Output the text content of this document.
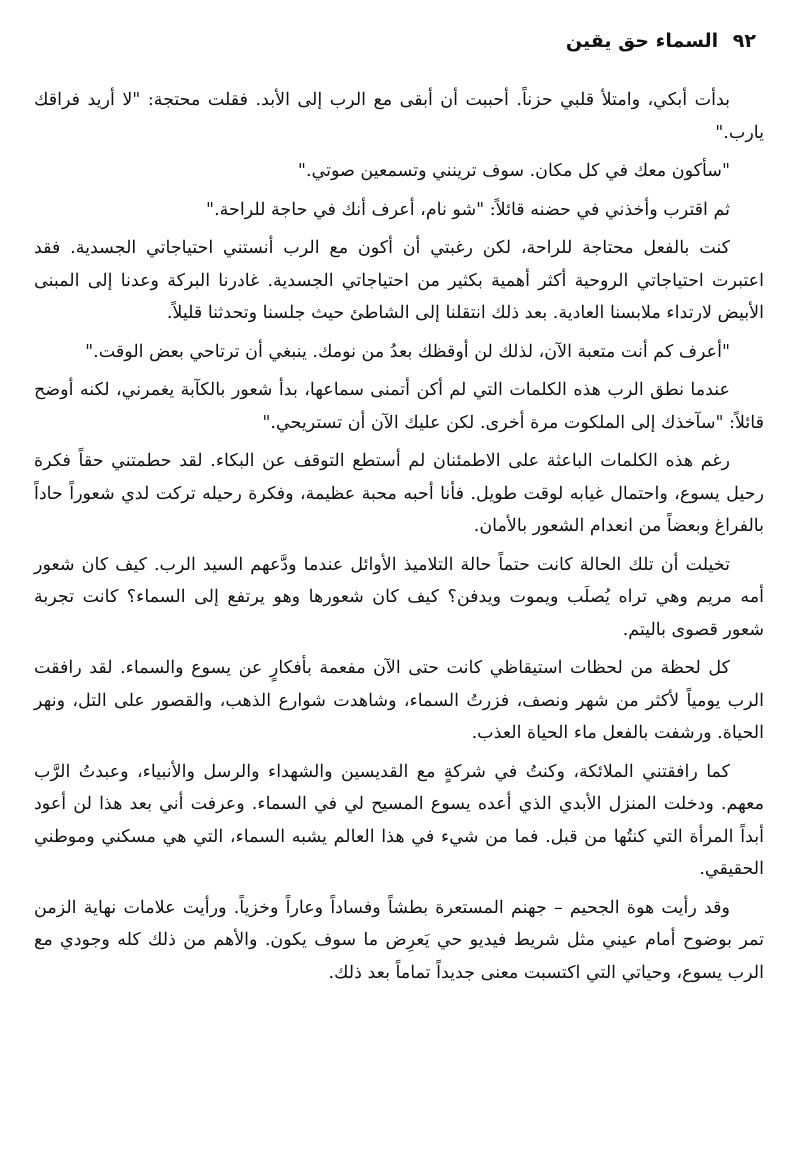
٩٢ السماء حق يقين

بدأت أبكي، وامتلأ قلبي حزناً. أحببت أن أبقى مع الرب إلى الأبد. فقلت محتجة: "لا أريد فراقك يارب."

"سأكون معك في كل مكان. سوف ترينني وتسمعين صوتي."

ثم اقترب وأخذني في حضنه قائلاً: "شو نام، أعرف أنك في حاجة للراحة."

كنت بالفعل محتاجة للراحة، لكن رغبتي أن أكون مع الرب أنستني احتياجاتي الجسدية. فقد اعتبرت احتياجاتي الروحية أكثر أهمية بكثير من احتياجاتي الجسدية. غادرنا البركة وعدنا إلى المبنى الأبيض لارتداء ملابسنا العادية. بعد ذلك انتقلنا إلى الشاطئ حيث جلسنا وتحدثنا قليلاً.

"أعرف كم أنت متعبة الآن، لذلك لن أوقظك بعدُ من نومك. ينبغي أن ترتاحي بعض الوقت."

عندما نطق الرب هذه الكلمات التي لم أكن أتمنى سماعها، بدأ شعور بالكآبة يغمرني، لكنه أوضح قائلاً: "سآخذك إلى الملكوت مرة أخرى. لكن عليك الآن أن تستريحي."

رغم هذه الكلمات الباعثة على الاطمئنان لم أستطع التوقف عن البكاء. لقد حطمتني حقاً فكرة رحيل يسوع، واحتمال غيابه لوقت طويل. فأنا أحبه محبة عظيمة، وفكرة رحيله تركت لدي شعوراً حاداً بالفراغ وبعضاً من انعدام الشعور بالأمان.

تخيلت أن تلك الحالة كانت حتماً حالة التلاميذ الأوائل عندما ودَّعهم السيد الرب. كيف كان شعور أمه مريم وهي تراه يُصلَب ويموت ويدفن؟ كيف كان شعورها وهو يرتفع إلى السماء؟ كانت تجربة شعور قصوى باليتم.

كل لحظة من لحظات استيقاظي كانت حتى الآن مفعمة بأفكارٍ عن يسوع والسماء. لقد رافقت الرب يومياً لأكثر من شهر ونصف، فزرتُ السماء، وشاهدت شوارع الذهب، والقصور على التل، ونهر الحياة. ورشفت بالفعل ماء الحياة العذب.

كما رافقتني الملائكة، وكنتُ في شركةٍ مع القديسين والشهداء والرسل والأنبياء، وعبدتُ الرَّب معهم. ودخلت المنزل الأبدي الذي أعده يسوع المسيح لي في السماء. وعرفت أني بعد هذا لن أعود أبداً المرأة التي كنتُها من قبل. فما من شيء في هذا العالم يشبه السماء، التي هي مسكني وموطني الحقيقي.

وقد رأيت هوة الجحيم – جهنم المستعرة بطشاً وفساداً وعاراً وخزياً. ورأيت علامات نهاية الزمن تمر بوضوح أمام عيني مثل شريط فيديو حي يَعرِض ما سوف يكون. والأهم من ذلك كله وجودي مع الرب يسوع، وحياتي التي اكتسبت معنى جديداً تماماً بعد ذلك.
